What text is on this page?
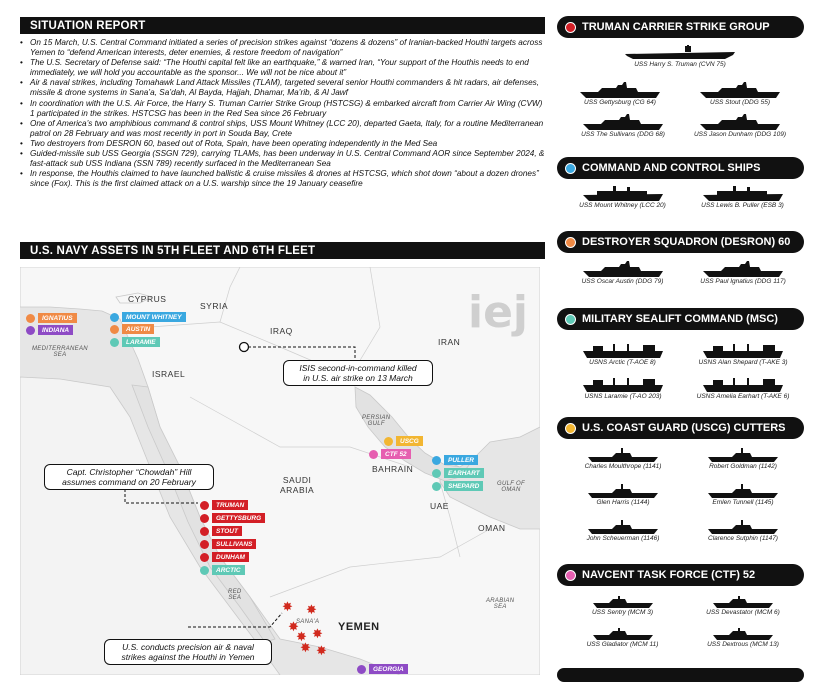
SITUATION REPORT
• On 15 March, U.S. Central Command initiated a series of precision strikes against “dozens & dozens” of Iranian-backed Houthi targets across Yemen to “defend American interests, deter enemies, & restore freedom of navigation”
• The U.S. Secretary of Defense said: “The Houthi capital felt like an earthquake,” & warned Iran, “Your support of the Houthis needs to end immediately, we will hold you accountable as the sponsor... We will not be nice about it”
• Air & naval strikes, including Tomahawk Land Attack Missiles (TLAM), targeted several senior Houthi commanders & hit radars, air defenses, missile & drone systems in Sana’a, Sa’dah, Al Bayda, Hajjah, Dhamar, Ma’rib, & Al Jawf
• In coordination with the U.S. Air Force, the Harry S. Truman Carrier Strike Group (HSTCSG) & embarked aircraft from Carrier Air Wing (CVW) 1 participated in the strikes. HSTCSG has been in the Red Sea since 26 February
• One of America’s two amphibious command & control ships, USS Mount Whitney (LCC 20), departed Gaeta, Italy, for a routine Mediterranean patrol on 28 February and was most recently in port in Souda Bay, Crete
• Two destroyers from DESRON 60, based out of Rota, Spain, have been operating independently in the Med Sea
• Guided-missile sub USS Georgia (SSGN 729), carrying TLAMs, has been underway in U.S. Central Command AOR since September 2024, & fast-attack sub USS Indiana (SSN 789) recently surfaced in the Mediterranean Sea
• In response, the Houthis claimed to have launched ballistic & cruise missiles & drones at HSTCSG, which shot down “about a dozen drones” since (Fox). This is the first claimed attack on a U.S. warship since the 19 January ceasefire
U.S. NAVY ASSETS IN 5TH FLEET AND 6TH FLEET
iej
CYPRUS
SYRIA
IRAQ
IRAN
ISRAEL
SAUDI
ARABIA
BAHRAIN
UAE
OMAN
YEMEN
MEDITERRANEAN
SEA
PERSIAN
GULF
GULF OF
OMAN
RED
SEA	ARABIAN
SEA
SANA'A
IGNATIUS
INDIANA
MOUNT WHITNEY
AUSTIN
LARAMIE
USCG
CTF 52
PULLER
EARHART
SHEPARD
TRUMAN
GETTYSBURG
STOUT
SULLIVANS
DUNHAM
ARCTIC
GEORGIA
✸ ✸
✸
✸ ✸
✸ ✸
ISIS second-in-command killed
in U.S. air strike on 13 March
Capt. Christopher “Chowdah” Hill
assumes command on 20 February
U.S. conducts precision air & naval
strikes against the Houthi in Yemen
TRUMAN CARRIER STRIKE GROUP
USS Harry S. Truman (CVN 75)
USS Gettysburg (CG 64)	USS Stout (DDG 55)
USS The Sullivans (DDG 68)	USS Jason Dunham (DDG 109)
COMMAND AND CONTROL SHIPS
USS Mount Whitney (LCC 20)	USS Lewis B. Puller (ESB 3)
DESTROYER SQUADRON (DESRON) 60
USS Oscar Austin (DDG 79)	USS Paul Ignatius (DDG 117)
MILITARY SEALIFT COMMAND (MSC)
USNS Arctic (T-AOE 8)	USNS Alan Shepard (T-AKE 3)
USNS Laramie (T-AO 203)	USNS Amelia Earhart (T-AKE 6)
U.S. COAST GUARD (USCG) CUTTERS
Charles Moulthrope (1141)	Robert Goldman (1142)
Glen Harris (1144)	Emlen Tunnell (1145)
John Scheuerman (1146)	Clarence Sutphin (1147)
NAVCENT TASK FORCE (CTF) 52
USS Sentry (MCM 3)	USS Devastator (MCM 6)
USS Gladiator (MCM 11)	USS Dextrous (MCM 13)
